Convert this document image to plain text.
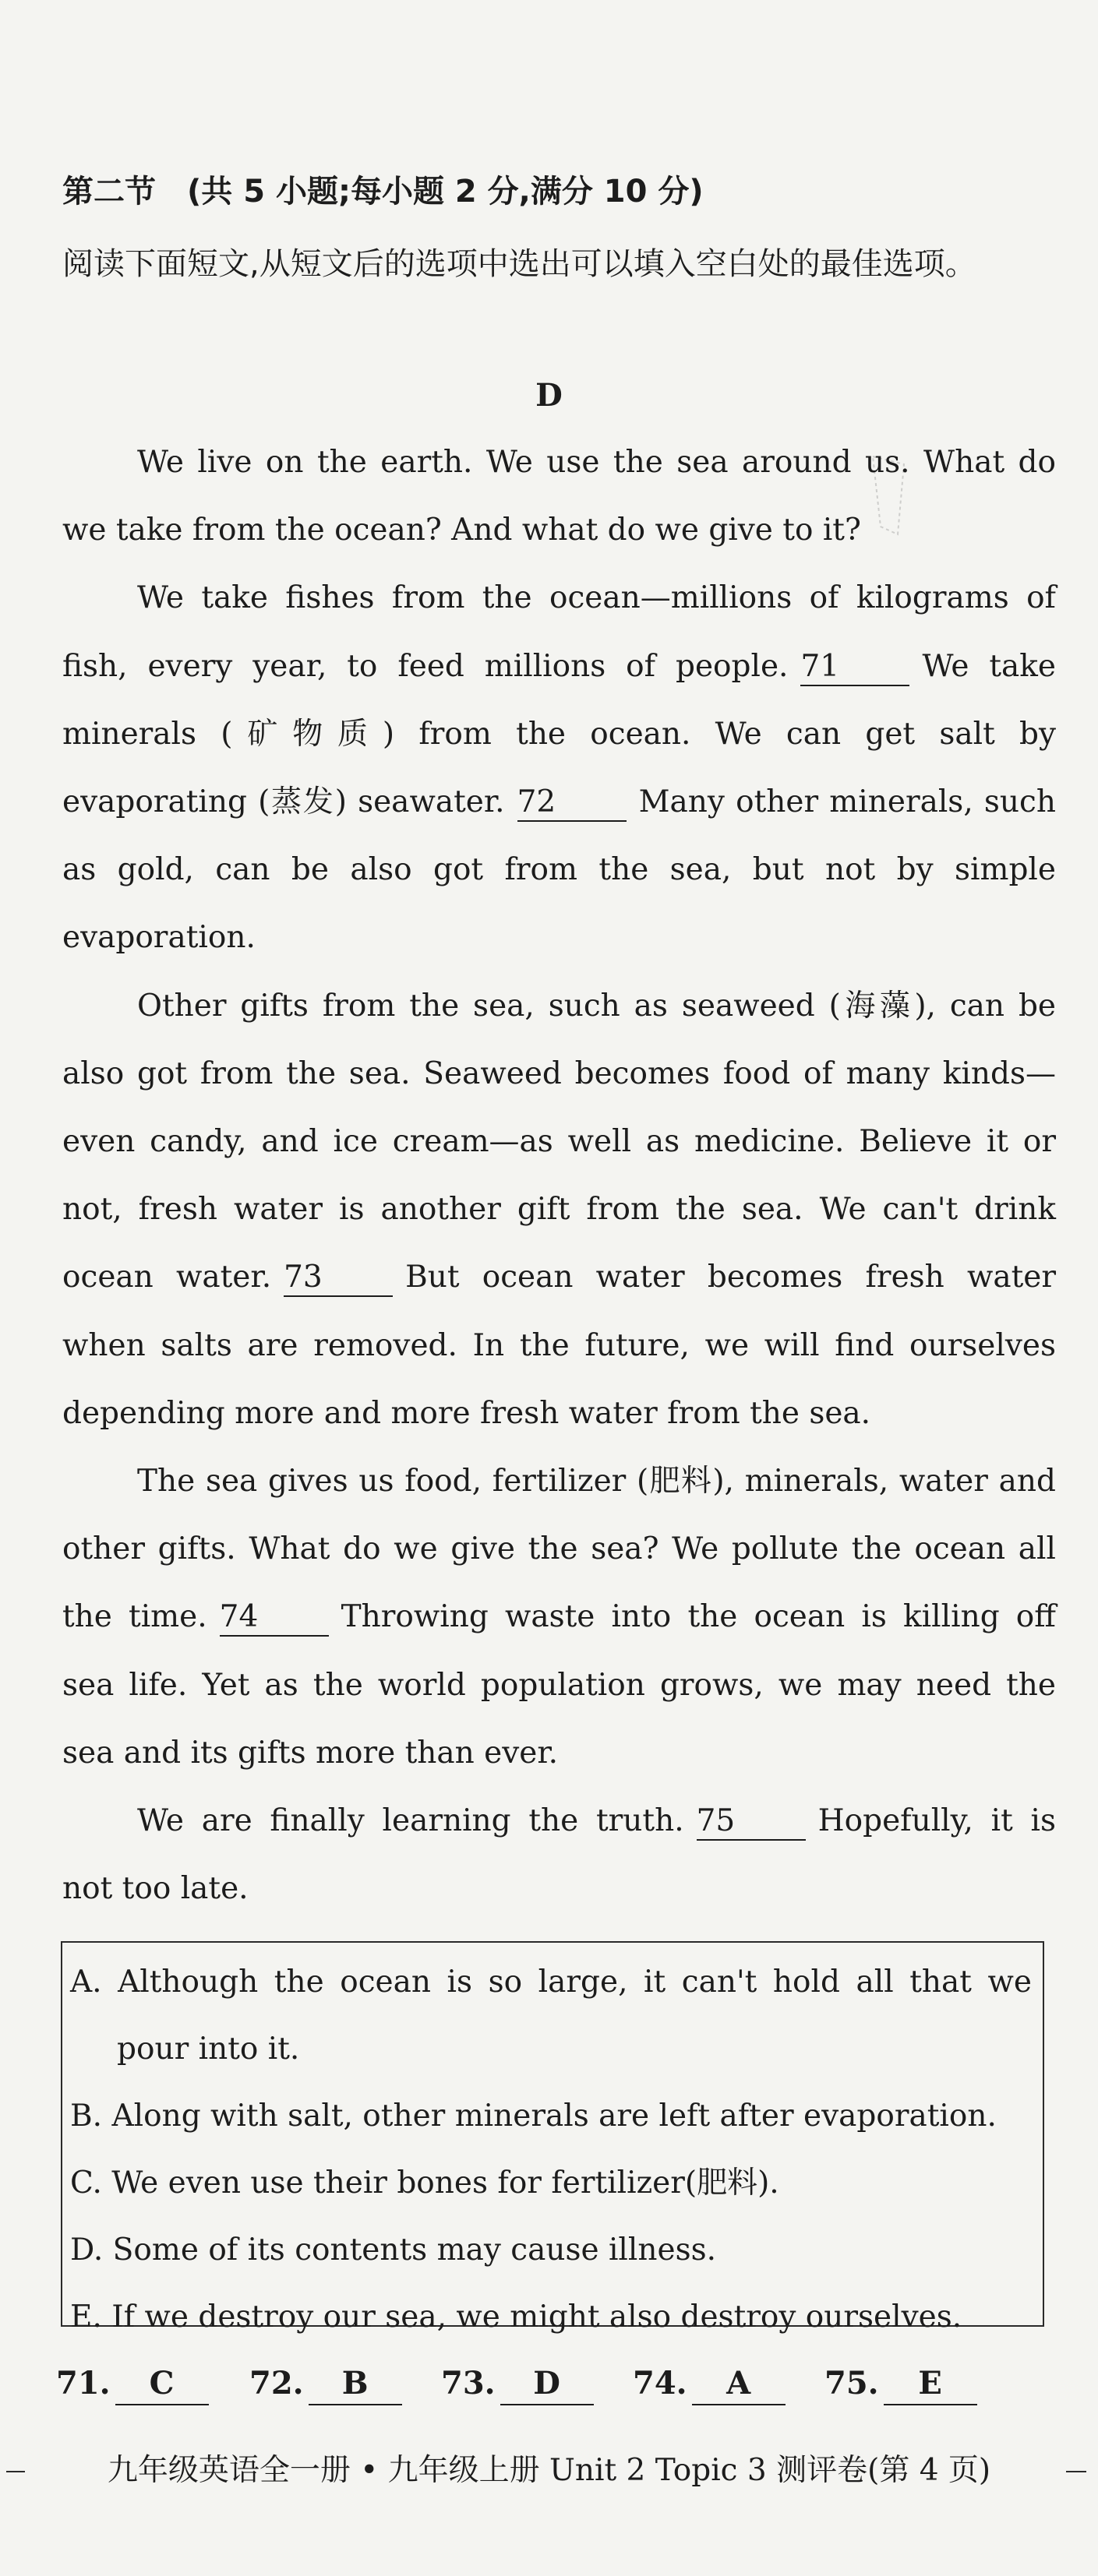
第二节　(共 5 小题;每小题 2 分,满分 10 分)

阅读下面短文,从短文后的选项中选出可以填入空白处的最佳选项。

D

We live on the earth. We use the sea around us. What do we take from the ocean? And what do we give to it?

We take fishes from the ocean—millions of kilograms of fish, every year, to feed millions of people. 71	We take minerals (矿物质) from the ocean. We can get salt by evaporating (蒸发) seawater. 72	Many other minerals, such as gold, can be also got from the sea, but not by simple evaporation.

Other gifts from the sea, such as seaweed (海藻), can be also got from the sea. Seaweed becomes food of many kinds—even candy, and ice cream—as well as medicine. Believe it or not, fresh water is another gift from the sea. We can't drink ocean water. 73	But ocean water becomes fresh water when salts are removed. In the future, we will find ourselves depending more and more fresh water from the sea.

The sea gives us food, fertilizer (肥料), minerals, water and other gifts. What do we give the sea? We pollute the ocean all the time. 74	Throwing waste into the ocean is killing off sea life. Yet as the world population grows, we may need the sea and its gifts more than ever.

We are finally learning the truth. 75	Hopefully, it is not too late.

A. Although the ocean is so large, it can't hold all that we pour into it.

B. Along with salt, other minerals are left after evaporation.

C. We even use their bones for fertilizer(肥料).

D. Some of its contents may cause illness.

E. If we destroy our sea, we might also destroy ourselves.

71. C	72. B	73. D	74. A	75. E
九年级英语全一册 • 九年级上册 Unit 2 Topic 3 测评卷(第 4 页)
